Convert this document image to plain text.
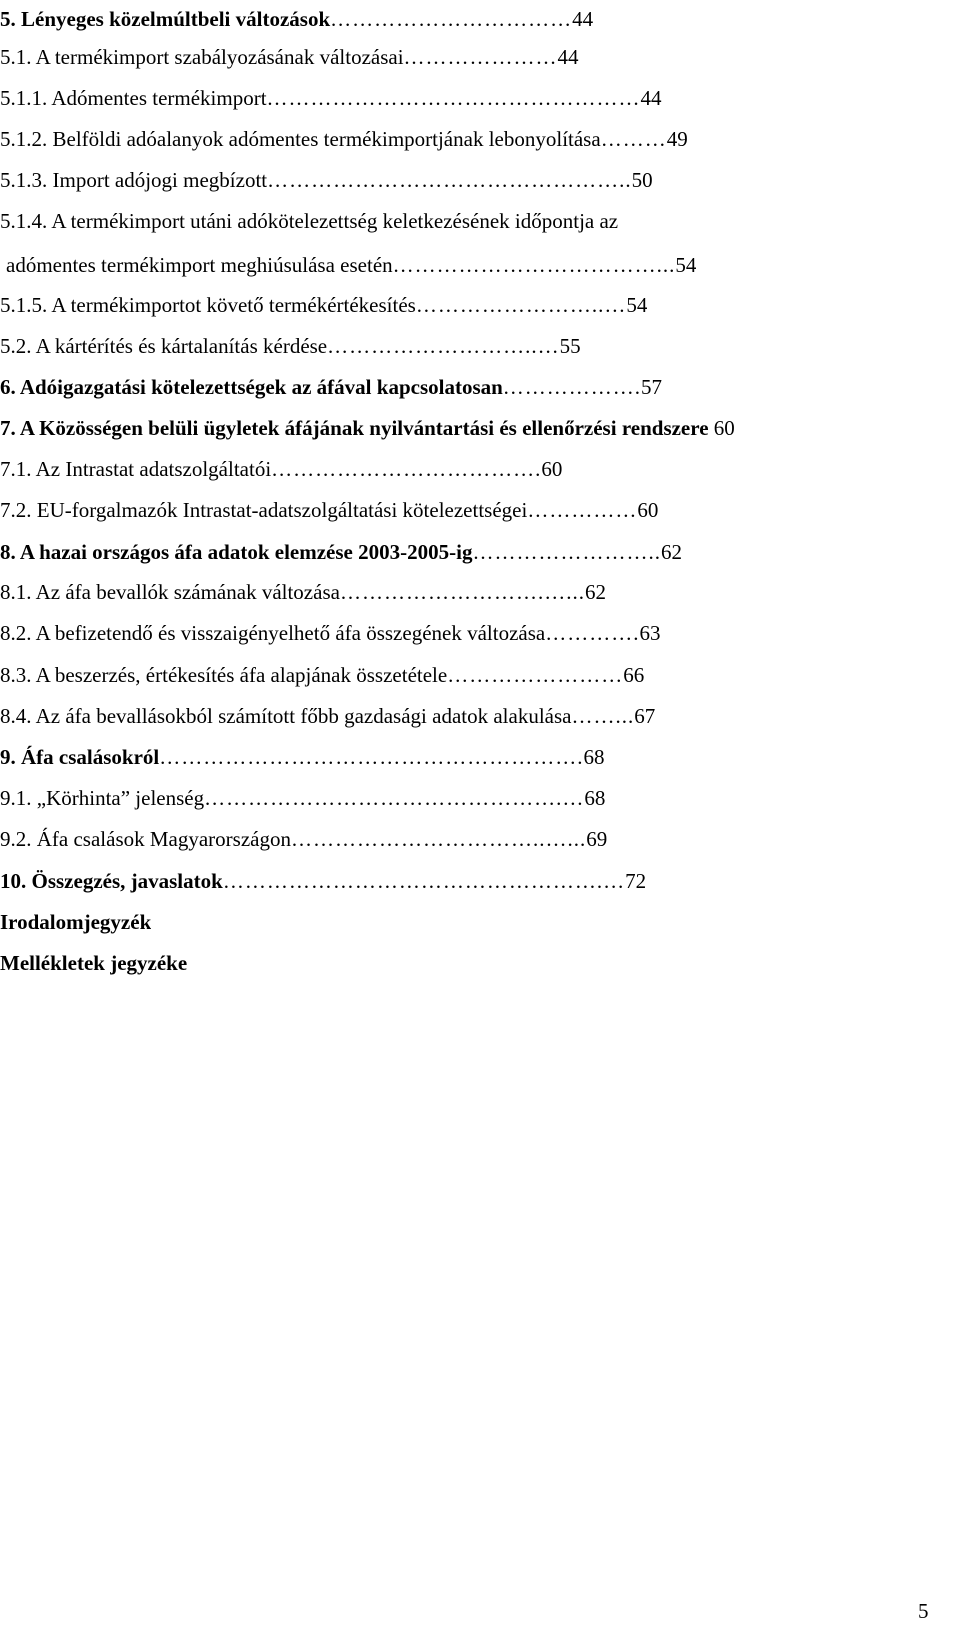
5. Lényeges közelmúltbeli változások……………………………44
5.1. A termékimport szabályozásának változásai…………………44
5.1.1. Adómentes termékimport……………………………………………44
5.1.2. Belföldi adóalanyok adómentes termékimportjának lebonyolítása………49
5.1.3. Import adójogi megbízott…………………………………………..50
5.1.4. A termékimport utáni adókötelezettség keletkezésének időpontja az
adómentes termékimport meghiúsulása esetén………………………………...54
5.1.5. A termékimportot követő termékértékesítés……………………..…54
5.2. A kártérítés és kártalanítás kérdése………………………..…55
6. Adóigazgatási kötelezettségek az áfával kapcsolatosan……………….57
7. A Közösségen belüli ügyletek áfájának nyilvántartási és ellenőrzési rendszere 60
7.1. Az Intrastat adatszolgáltatói……………………………….60
7.2. EU-forgalmazók Intrastat-adatszolgáltatási kötelezettségei……………60
8. A hazai országos áfa adatok elemzése 2003-2005-ig……………………..62
8.1. Az áfa bevallók számának változása……………………….…...62
8.2. A befizetendő és visszaigényelhető áfa összegének változása………….63
8.3. A beszerzés, értékesítés áfa alapjának összetétele……………………66
8.4. Az áfa bevallásokból számított főbb gazdasági adatok alakulása……...67
9. Áfa csalásokról………………………………………………….68
9.1. „Körhinta” jelenség………………………………………….…68
9.2. Áfa csalások Magyarországon……………………………..…...69
10. Összegzés, javaslatok…………………………………………….…72
Irodalomjegyzék
Mellékletek jegyzéke
5
